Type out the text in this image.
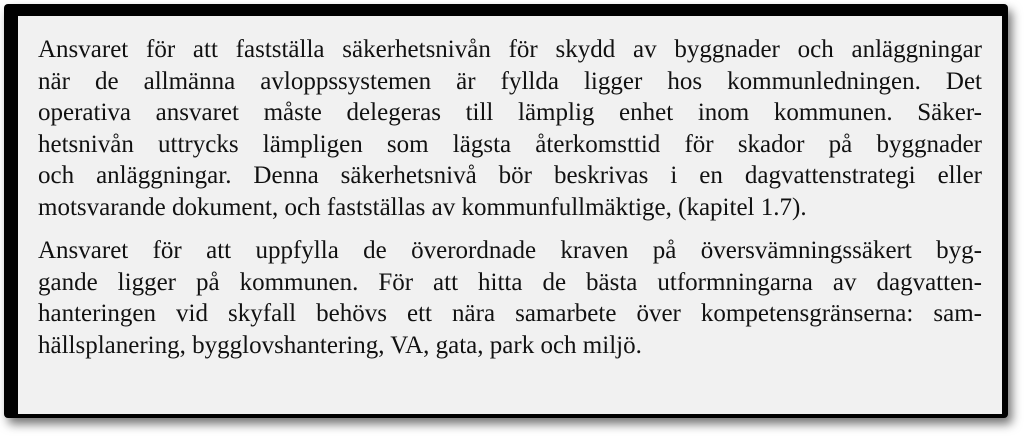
Ansvaret för att fastställa säkerhetsnivån för skydd av byggnader och anläggningar
när de allmänna avloppssystemen är fyllda ligger hos kommunledningen. Det
operativa ansvaret måste delegeras till lämplig enhet inom kommunen. Säker-
hetsnivån uttrycks lämpligen som lägsta återkomsttid för skador på byggnader
och anläggningar. Denna säkerhetsnivå bör beskrivas i en dagvattenstrategi eller
motsvarande dokument, och fastställas av kommunfullmäktige, (kapitel 1.7).

Ansvaret för att uppfylla de överordnade kraven på översvämningssäkert byg-
gande ligger på kommunen. För att hitta de bästa utformningarna av dagvatten-
hanteringen vid skyfall behövs ett nära samarbete över kompetensgränserna: sam-
hällsplanering, bygglovshantering, VA, gata, park och miljö.
